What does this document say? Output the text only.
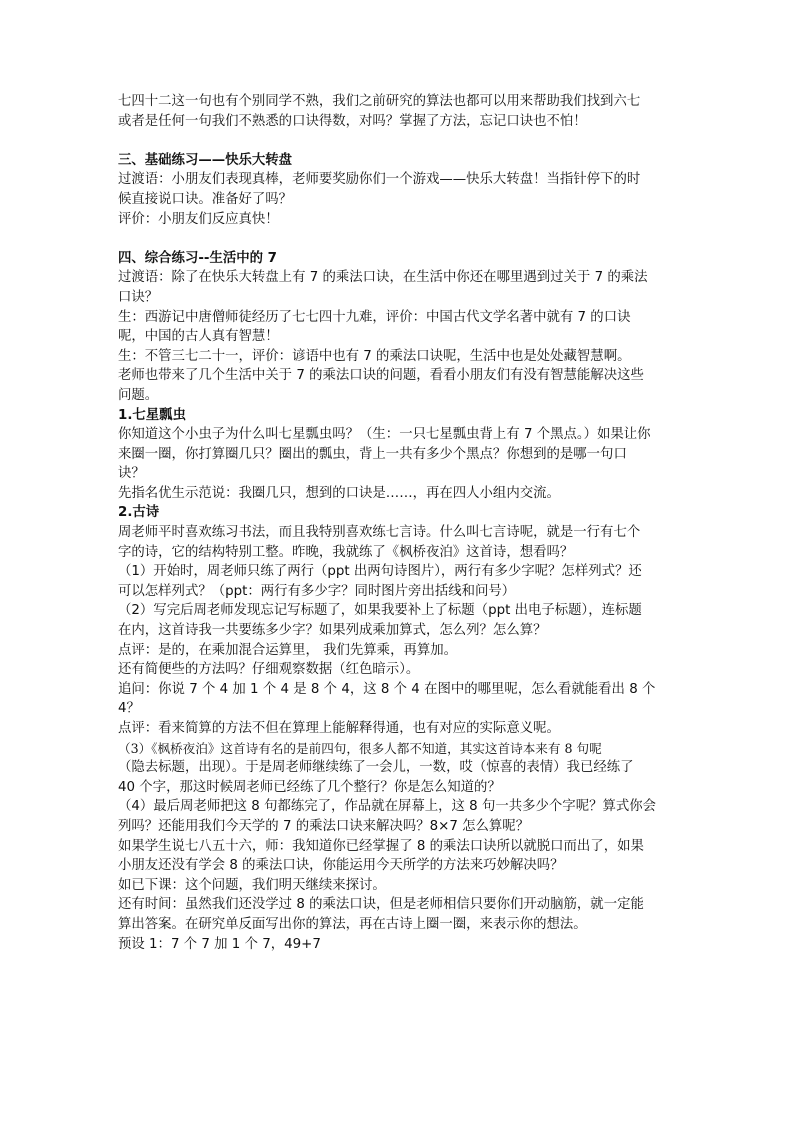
七四十二这一句也有个别同学不熟，我们之前研究的算法也都可以用来帮助我们找到六七
或者是任何一句我们不熟悉的口诀得数，对吗？掌握了方法，忘记口诀也不怕！
三、基础练习——快乐大转盘
过渡语：小朋友们表现真棒，老师要奖励你们一个游戏——快乐大转盘！当指针停下的时
候直接说口诀。准备好了吗？
评价：小朋友们反应真快！
四、综合练习--生活中的 7
过渡语：除了在快乐大转盘上有 7 的乘法口诀，在生活中你还在哪里遇到过关于 7 的乘法
口诀？
生：西游记中唐僧师徒经历了七七四十九难，评价：中国古代文学名著中就有 7 的口诀
呢，中国的古人真有智慧！
生：不管三七二十一，评价：谚语中也有 7 的乘法口诀呢，生活中也是处处藏智慧啊。
老师也带来了几个生活中关于 7 的乘法口诀的问题，看看小朋友们有没有智慧能解决这些
问题。
1.七星瓢虫
你知道这个小虫子为什么叫七星瓢虫吗？（生：一只七星瓢虫背上有 7 个黑点。）如果让你
来圈一圈，你打算圈几只？圈出的瓢虫，背上一共有多少个黑点？你想到的是哪一句口
诀？
先指名优生示范说：我圈几只，想到的口诀是……，再在四人小组内交流。
2.古诗
周老师平时喜欢练习书法，而且我特别喜欢练七言诗。什么叫七言诗呢，就是一行有七个
字的诗，它的结构特别工整。昨晚，我就练了《枫桥夜泊》这首诗，想看吗？
（1）开始时，周老师只练了两行（ppt 出两句诗图片），两行有多少字呢？怎样列式？还
可以怎样列式？（ppt：两行有多少字？同时图片旁出括线和问号）
（2）写完后周老师发现忘记写标题了，如果我要补上了标题（ppt 出电子标题），连标题
在内，这首诗我一共要练多少字？如果列成乘加算式，怎么列？怎么算？
点评：是的，在乘加混合运算里， 我们先算乘，再算加。
还有简便些的方法吗？仔细观察数据（红色暗示）。
追问：你说 7 个 4 加 1 个 4 是 8 个 4，这 8 个 4 在图中的哪里呢，怎么看就能看出 8 个
4？
点评：看来简算的方法不但在算理上能解释得通，也有对应的实际意义呢。
（3）《枫桥夜泊》这首诗有名的是前四句，很多人都不知道，其实这首诗本来有 8 句呢
（隐去标题，出现）。于是周老师继续练了一会儿，一数，哎（惊喜的表情）我已经练了
40 个字，那这时候周老师已经练了几个整行？你是怎么知道的？
（4）最后周老师把这 8 句都练完了，作品就在屏幕上，这 8 句一共多少个字呢？算式你会
列吗？还能用我们今天学的 7 的乘法口诀来解决吗？8×7 怎么算呢？
如果学生说七八五十六，师：我知道你已经掌握了 8 的乘法口诀所以就脱口而出了，如果
小朋友还没有学会 8 的乘法口诀，你能运用今天所学的方法来巧妙解决吗？
如已下课：这个问题，我们明天继续来探讨。
还有时间：虽然我们还没学过 8 的乘法口诀，但是老师相信只要你们开动脑筋，就一定能
算出答案。在研究单反面写出你的算法，再在古诗上圈一圈，来表示你的想法。
预设 1：7 个 7 加 1 个 7，49+7
